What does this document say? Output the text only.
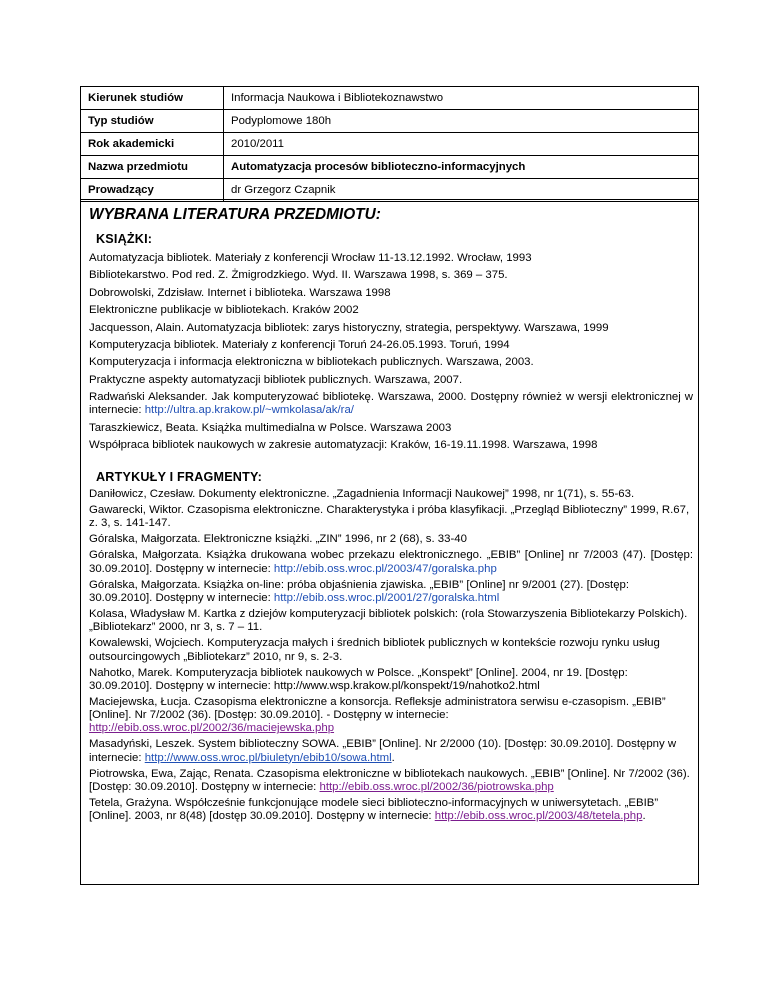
Kierunek studiów	Informacja Naukowa i Bibliotekoznawstwo
Typ studiów	Podyplomowe 180h
Rok akademicki	2010/2011
Nazwa przedmiotu	Automatyzacja procesów biblioteczno-informacyjnych
Prowadzący	dr Grzegorz Czapnik
WYBRANA LITERATURA PRZEDMIOTU:
KSIĄŻKI:

Automatyzacja bibliotek. Materiały z konferencji Wrocław 11-13.12.1992. Wrocław, 1993

Bibliotekarstwo. Pod red. Z. Żmigrodzkiego. Wyd. II. Warszawa 1998, s. 369 – 375.

Dobrowolski, Zdzisław. Internet i biblioteka. Warszawa 1998

Elektroniczne publikacje w bibliotekach. Kraków 2002

Jacquesson, Alain. Automatyzacja bibliotek: zarys historyczny, strategia, perspektywy. Warszawa, 1999

Komputeryzacja bibliotek. Materiały z konferencji Toruń 24-26.05.1993. Toruń, 1994

Komputeryzacja i informacja elektroniczna w bibliotekach publicznych. Warszawa, 2003.

Praktyczne aspekty automatyzacji bibliotek publicznych. Warszawa, 2007.

Radwański Aleksander. Jak komputeryzować bibliotekę. Warszawa, 2000. Dostępny również w wersji elektronicznej w internecie: http://ultra.ap.krakow.pl/~wmkolasa/ak/ra/

Taraszkiewicz, Beata. Książka multimedialna w Polsce. Warszawa 2003

Współpraca bibliotek naukowych w zakresie automatyzacji: Kraków, 16-19.11.1998. Warszawa, 1998

ARTYKUŁY I FRAGMENTY:

Daniłowicz, Czesław. Dokumenty elektroniczne. „Zagadnienia Informacji Naukowej” 1998, nr 1(71), s. 55-63.

Gawarecki, Wiktor. Czasopisma elektroniczne. Charakterystyka i próba klasyfikacji. „Przegląd Biblioteczny” 1999, R.67, z. 3, s. 141-147.

Góralska, Małgorzata. Elektroniczne książki. „ZIN” 1996, nr 2 (68), s. 33-40

Góralska, Małgorzata. Książka drukowana wobec przekazu elektronicznego. „EBIB” [Online] nr 7/2003 (47). [Dostęp: 30.09.2010]. Dostępny w internecie: http://ebib.oss.wroc.pl/2003/47/goralska.php

Góralska, Małgorzata. Książka on-line: próba objaśnienia zjawiska. „EBIB” [Online] nr 9/2001 (27). [Dostęp: 30.09.2010]. Dostępny w internecie: http://ebib.oss.wroc.pl/2001/27/goralska.html

Kolasa, Władysław M. Kartka z dziejów komputeryzacji bibliotek polskich: (rola Stowarzyszenia Bibliotekarzy Polskich). „Bibliotekarz” 2000, nr 3, s. 7 – 11.

Kowalewski, Wojciech. Komputeryzacja małych i średnich bibliotek publicznych w kontekście rozwoju rynku usług outsourcingowych „Bibliotekarz” 2010, nr 9, s. 2-3.

Nahotko, Marek. Komputeryzacja bibliotek naukowych w Polsce. „Konspekt” [Online]. 2004, nr 19. [Dostęp: 30.09.2010]. Dostępny w internecie: http://www.wsp.krakow.pl/konspekt/19/nahotko2.html

Maciejewska, Łucja. Czasopisma elektroniczne a konsorcja. Refleksje administratora serwisu e-czasopism. „EBIB” [Online]. Nr 7/2002 (36). [Dostęp: 30.09.2010]. - Dostępny w internecie: http://ebib.oss.wroc.pl/2002/36/maciejewska.php

Masadyński, Leszek. System biblioteczny SOWA. „EBIB” [Online]. Nr 2/2000 (10). [Dostęp: 30.09.2010]. Dostępny w internecie: http://www.oss.wroc.pl/biuletyn/ebib10/sowa.html.

Piotrowska, Ewa, Zając, Renata. Czasopisma elektroniczne w bibliotekach naukowych. „EBIB” [Online]. Nr 7/2002 (36). [Dostęp: 30.09.2010]. Dostępny w internecie: http://ebib.oss.wroc.pl/2002/36/piotrowska.php

Tetela, Grażyna. Współcześnie funkcjonujące modele sieci biblioteczno-informacyjnych w uniwersytetach. „EBIB” [Online]. 2003, nr 8(48) [dostęp 30.09.2010]. Dostępny w internecie: http://ebib.oss.wroc.pl/2003/48/tetela.php.
